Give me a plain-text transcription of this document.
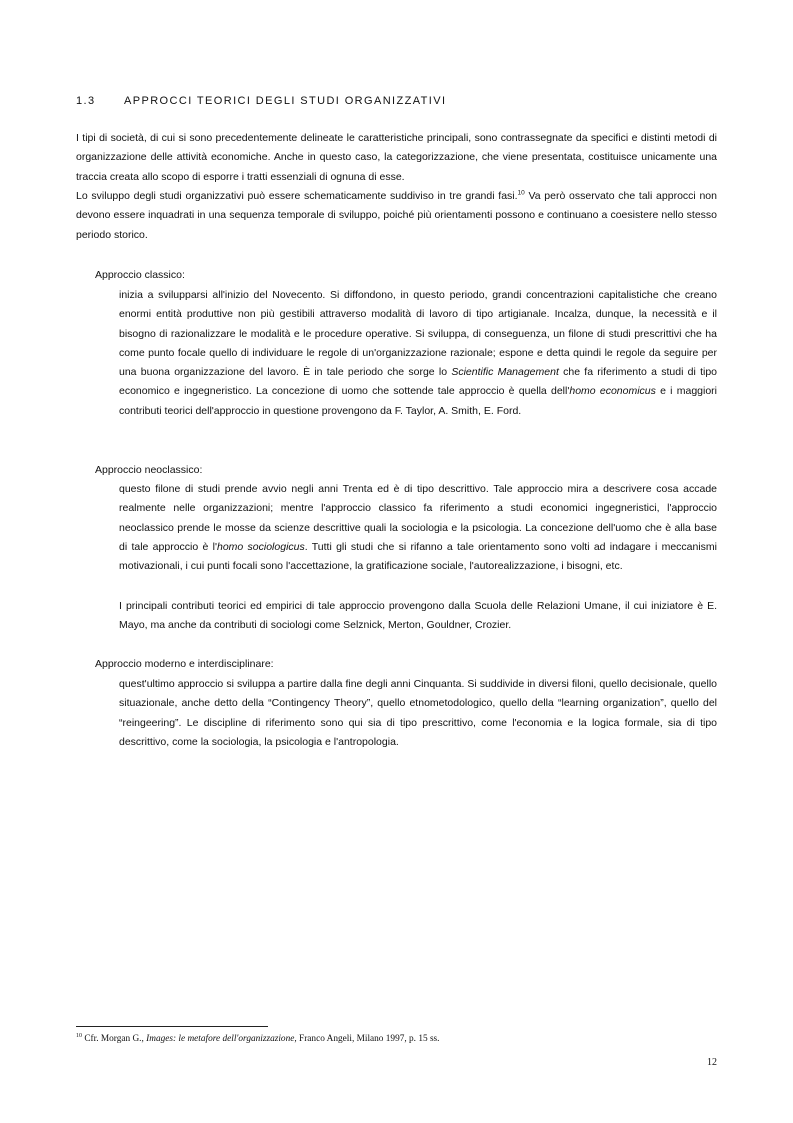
1.3	APPROCCI TEORICI DEGLI STUDI ORGANIZZATIVI

I tipi di società, di cui si sono precedentemente delineate le caratteristiche principali, sono contrassegnate da specifici e distinti metodi di organizzazione delle attività economiche. Anche in questo caso, la categorizzazione, che viene presentata, costituisce unicamente una traccia creata allo scopo di esporre i tratti essenziali di ognuna di esse.

Lo sviluppo degli studi organizzativi può essere schematicamente suddiviso in tre grandi fasi.$^{10}$ Va però osservato che tali approcci non devono essere inquadrati in una sequenza temporale di sviluppo, poiché più orientamenti possono e continuano a coesistere nello stesso periodo storico.

Approccio classico:

inizia a svilupparsi all'inizio del Novecento. Si diffondono, in questo periodo, grandi concentrazioni capitalistiche che creano enormi entità produttive non più gestibili attraverso modalità di lavoro di tipo artigianale. Incalza, dunque, la necessità e il bisogno di razionalizzare le modalità e le procedure operative. Si sviluppa, di conseguenza, un filone di studi prescrittivi che ha come punto focale quello di individuare le regole di un'organizzazione razionale; espone e detta quindi le regole da seguire per una buona organizzazione del lavoro. È in tale periodo che sorge lo Scientific Management che fa riferimento a studi di tipo economico e ingegneristico. La concezione di uomo che sottende tale approccio è quella dell'homo economicus e i maggiori contributi teorici dell'approccio in questione provengono da F. Taylor, A. Smith, E. Ford.

Approccio neoclassico:

questo filone di studi prende avvio negli anni Trenta ed è di tipo descrittivo. Tale approccio mira a descrivere cosa accade realmente nelle organizzazioni; mentre l'approccio classico fa riferimento a studi economici ingegneristici, l'approccio neoclassico prende le mosse da scienze descrittive quali la sociologia e la psicologia. La concezione dell'uomo che è alla base di tale approccio è l'homo sociologicus. Tutti gli studi che si rifanno a tale orientamento sono volti ad indagare i meccanismi motivazionali, i cui punti focali sono l'accettazione, la gratificazione sociale, l'autorealizzazione, i bisogni, etc.

I principali contributi teorici ed empirici di tale approccio provengono dalla Scuola delle Relazioni Umane, il cui iniziatore è E. Mayo, ma anche da contributi di sociologi come Selznick, Merton, Gouldner, Crozier.

Approccio moderno e interdisciplinare:

quest'ultimo approccio si sviluppa a partire dalla fine degli anni Cinquanta. Si suddivide in diversi filoni, quello decisionale, quello situazionale, anche detto della “Contingency Theory”, quello etnometodologico, quello della “learning organization”, quello del “reingeering”. Le discipline di riferimento sono qui sia di tipo prescrittivo, come l'economia e la logica formale, sia di tipo descrittivo, come la sociologia, la psicologia e l'antropologia.

$^{10}$ Cfr. Morgan G., Images: le metafore dell'organizzazione, Franco Angeli, Milano 1997, p. 15 ss.
12
